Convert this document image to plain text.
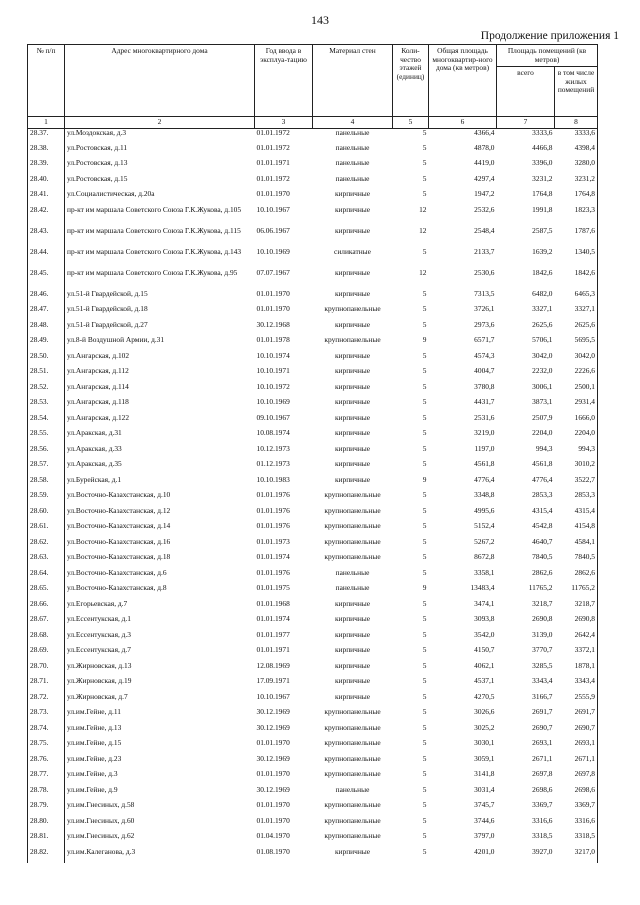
143
Продолжение приложения 1
№ п/п	Адрес многоквартирного дома	Год ввода в эксплуа-тацию	Материал стен	Коли-чество этажей (единиц)	Общая площадь многоквартир-ного дома (кв метров)	Площадь помещений (кв метров)	
						всего	в том числе жилых помещений
1	2	3	4	5	6	7	8
28.37.	ул.Моздокская, д.3	01.01.1972	панельные	5	4366,4	3333,6	3333,6
28.38.	ул.Ростовская, д.11	01.01.1972	панельные	5	4878,0	4466,8	4398,4
28.39.	ул.Ростовская, д.13	01.01.1971	панельные	5	4419,0	3396,0	3280,0
28.40.	ул.Ростовская, д.15	01.01.1972	панельные	5	4297,4	3231,2	3231,2
28.41.	ул.Социалистическая, д.20а	01.01.1970	кирпичные	5	1947,2	1764,8	1764,8
28.42.	пр-кт им маршала Советского Союза Г.К.Жукова, д.105	10.10.1967	кирпичные	12	2532,6	1991,8	1823,3
28.43.	пр-кт им маршала Советского Союза Г.К.Жукова, д.115	06.06.1967	кирпичные	12	2548,4	2587,5	1787,6
28.44.	пр-кт им маршала Советского Союза Г.К.Жукова, д.143	10.10.1969	силикатные	5	2133,7	1639,2	1340,5
28.45.	пр-кт им маршала Советского Союза Г.К.Жукова, д.95	07.07.1967	кирпичные	12	2530,6	1842,6	1842,6
28.46.	ул.51-й Гвардейской, д.15	01.01.1970	кирпичные	5	7313,5	6482,0	6465,3
28.47.	ул.51-й Гвардейской, д.18	01.01.1970	крупнопанельные	5	3726,1	3327,1	3327,1
28.48.	ул.51-й Гвардейской, д.27	30.12.1968	кирпичные	5	2973,6	2625,6	2625,6
28.49.	ул.8-й Воздушной Армии, д.31	01.01.1978	крупнопанельные	9	6571,7	5706,1	5695,5
28.50.	ул.Ангарская, д.102	10.10.1974	кирпичные	5	4574,3	3042,0	3042,0
28.51.	ул.Ангарская, д.112	10.10.1971	кирпичные	5	4004,7	2232,0	2226,6
28.52.	ул.Ангарская, д.114	10.10.1972	кирпичные	5	3780,8	3006,1	2500,1
28.53.	ул.Ангарская, д.118	10.10.1969	кирпичные	5	4431,7	3873,1	2931,4
28.54.	ул.Ангарская, д.122	09.10.1967	кирпичные	5	2531,6	2507,9	1666,0
28.55.	ул.Аракская, д.31	10.08.1974	кирпичные	5	3219,0	2204,0	2204,0
28.56.	ул.Аракская, д.33	10.12.1973	кирпичные	5	1197,0	994,3	994,3
28.57.	ул.Аракская, д.35	01.12.1973	кирпичные	5	4561,8	4561,8	3010,2
28.58.	ул.Бурейская, д.1	10.10.1983	кирпичные	9	4776,4	4776,4	3522,7
28.59.	ул.Восточно-Казахстанская, д.10	01.01.1976	крупнопанельные	5	3348,8	2853,3	2853,3
28.60.	ул.Восточно-Казахстанская, д.12	01.01.1976	крупнопанельные	5	4995,6	4315,4	4315,4
28.61.	ул.Восточно-Казахстанская, д.14	01.01.1976	крупнопанельные	5	5152,4	4542,8	4154,8
28.62.	ул.Восточно-Казахстанская, д.16	01.01.1973	крупнопанельные	5	5267,2	4640,7	4584,1
28.63.	ул.Восточно-Казахстанская, д.18	01.01.1974	крупнопанельные	5	8672,8	7840,5	7840,5
28.64.	ул.Восточно-Казахстанская, д.6	01.01.1976	панельные	5	3358,1	2862,6	2862,6
28.65.	ул.Восточно-Казахстанская, д.8	01.01.1975	панельные	9	13483,4	11765,2	11765,2
28.66.	ул.Егорьевская, д.7	01.01.1968	кирпичные	5	3474,1	3218,7	3218,7
28.67.	ул.Ессентукская, д.1	01.01.1974	кирпичные	5	3093,8	2690,8	2690,8
28.68.	ул.Ессентукская, д.3	01.01.1977	кирпичные	5	3542,0	3139,0	2642,4
28.69.	ул.Ессентукская, д.7	01.01.1971	кирпичные	5	4150,7	3770,7	3372,1
28.70.	ул.Жирновская, д.13	12.08.1969	кирпичные	5	4062,1	3285,5	1878,1
28.71.	ул.Жирновская, д.19	17.09.1971	кирпичные	5	4537,1	3343,4	3343,4
28.72.	ул.Жирновская, д.7	10.10.1967	кирпичные	5	4270,5	3166,7	2555,9
28.73.	ул.им.Гейне, д.11	30.12.1969	крупнопанельные	5	3026,6	2691,7	2691,7
28.74.	ул.им.Гейне, д.13	30.12.1969	крупнопанельные	5	3025,2	2690,7	2690,7
28.75.	ул.им.Гейне, д.15	01.01.1970	крупнопанельные	5	3030,1	2693,1	2693,1
28.76.	ул.им.Гейне, д.23	30.12.1969	крупнопанельные	5	3059,1	2671,1	2671,1
28.77.	ул.им.Гейне, д.3	01.01.1970	крупнопанельные	5	3141,8	2697,8	2697,8
28.78.	ул.им.Гейне, д.9	30.12.1969	панельные	5	3031,4	2698,6	2698,6
28.79.	ул.им.Гнесиных, д.58	01.01.1970	крупнопанельные	5	3745,7	3369,7	3369,7
28.80.	ул.им.Гнесиных, д.60	01.01.1970	крупнопанельные	5	3744,6	3316,6	3316,6
28.81.	ул.им.Гнесиных, д.62	01.04.1970	крупнопанельные	5	3797,0	3318,5	3318,5
28.82.	ул.им.Калеганова, д.3	01.08.1970	кирпичные	5	4201,0	3927,0	3217,0
